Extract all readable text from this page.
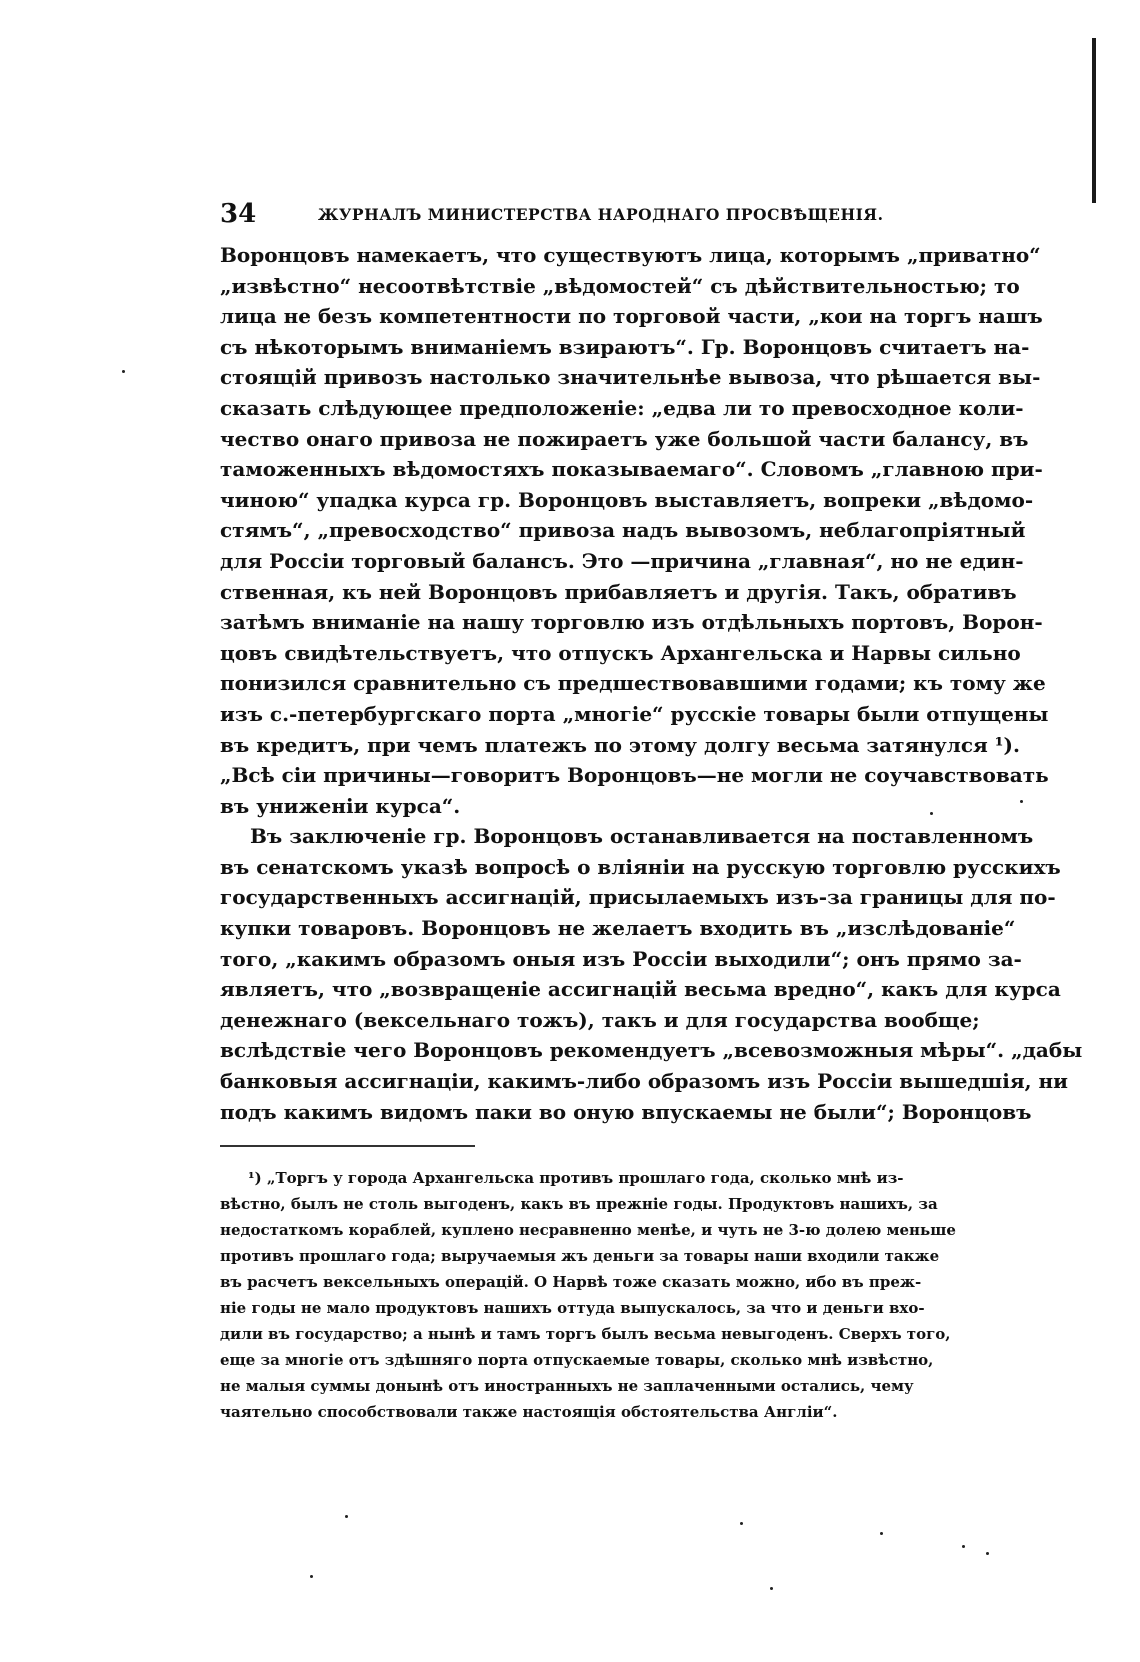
34	ЖУРНАЛЪ МИНИСТЕРСТВА НАРОДНАГО ПРОСВѢЩЕНІЯ.
Воронцовъ намекаетъ, что существуютъ лица, которымъ „приватно“
„извѣстно“ несоотвѣтствіе „вѣдомостей“ съ дѣйствительностью; то
лица не безъ компетентности по торговой части, „кои на торгъ нашъ
съ нѣкоторымъ вниманіемъ взираютъ“. Гр. Воронцовъ считаетъ на-
стоящій привозъ настолько значительнѣе вывоза, что рѣшается вы-
сказать слѣдующее предположеніе: „едва ли то превосходное коли-
чество онаго привоза не пожираетъ уже большой части балансу, въ
таможенныхъ вѣдомостяхъ показываемаго“. Словомъ „главною при-
чиною“ упадка курса гр. Воронцовъ выставляетъ, вопреки „вѣдомо-
стямъ“, „превосходство“ привоза надъ вывозомъ, неблагопріятный
для Россіи торговый балансъ. Это —причина „главная“, но не един-
ственная, къ ней Воронцовъ прибавляетъ и другія. Такъ, обративъ
затѣмъ вниманіе на нашу торговлю изъ отдѣльныхъ портовъ, Ворон-
цовъ свидѣтельствуетъ, что отпускъ Архангельска и Нарвы сильно
понизился сравнительно съ предшествовавшими годами; къ тому же
изъ с.-петербургскаго порта „многіе“ русскіе товары были отпущены
въ кредитъ, при чемъ платежъ по этому долгу весьма затянулся ¹).
„Всѣ сіи причины—говоритъ Воронцовъ—не могли не соучавствовать
въ униженіи курса“.
Въ заключеніе гр. Воронцовъ останавливается на поставленномъ
въ сенатскомъ указѣ вопросѣ о вліяніи на русскую торговлю русскихъ
государственныхъ ассигнацій, присылаемыхъ изъ-за границы для по-
купки товаровъ. Воронцовъ не желаетъ входить въ „изслѣдованіе“
того, „какимъ образомъ оныя изъ Россіи выходили“; онъ прямо за-
являетъ, что „возвращеніе ассигнацій весьма вредно“, какъ для курса
денежнаго (вексельнаго тожъ), такъ и для государства вообще;
вслѣдствіе чего Воронцовъ рекомендуетъ „всевозможныя мѣры“. „дабы
банковыя ассигнаціи, какимъ-либо образомъ изъ Россіи вышедшія, ни
подъ какимъ видомъ паки во оную впускаемы не были“; Воронцовъ
¹) „Торгъ у города Архангельска противъ прошлаго года, сколько мнѣ из-
вѣстно, былъ не столь выгоденъ, какъ въ прежніе годы. Продуктовъ нашихъ, за
недостаткомъ кораблей, куплено несравненно менѣе, и чуть не 3-ю долею меньше
противъ прошлаго года; выручаемыя жъ деньги за товары наши входили также
въ расчетъ вексельныхъ операцій. О Нарвѣ тоже сказать можно, ибо въ преж-
ніе годы не мало продуктовъ нашихъ оттуда выпускалось, за что и деньги вхо-
дили въ государство; а нынѣ и тамъ торгъ былъ весьма невыгоденъ. Сверхъ того,
еще за многіе отъ здѣшняго порта отпускаемые товары, сколько мнѣ извѣстно,
не малыя суммы донынѣ отъ иностранныхъ не заплаченными остались, чему
чаятельно способствовали также настоящія обстоятельства Англіи“.
